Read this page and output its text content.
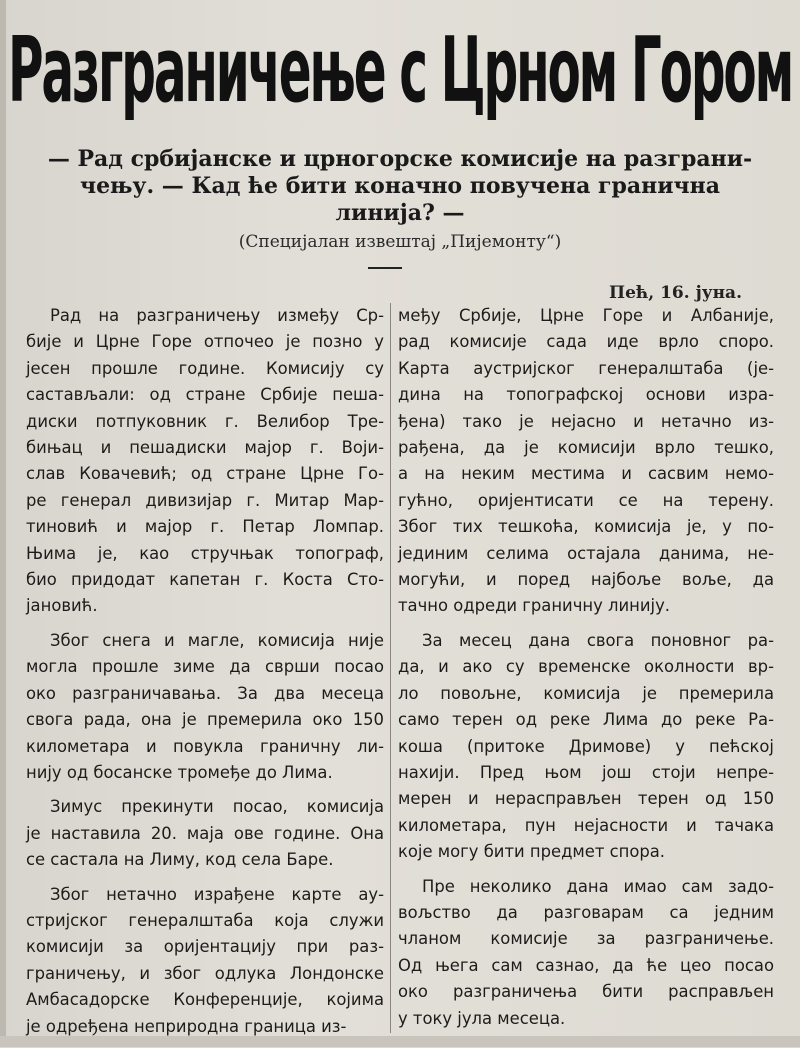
Разграничење с Црном Гором
— Рад србијанске и црногорске комисије на разграни-
чењу. — Кад ће бити коначно повучена гранична
линија? —
(Специјалан извештај „Пијемонту“)
Пећ, 16. јуна.
Рад на разграничењу између Ср-
бије и Црне Горе отпочео је позно у
јесен прошле године. Комисију су
састављали: од стране Србије пеша-
диски потпуковник г. Велибор Тре-
бињац и пешадиски мајор г. Воји-
слав Ковачевић; од стране Црне Го-
ре генерал дивизијар г. Митар Мар-
тиновић и мајор г. Петар Ломпар.
Њима је, као стручњак топограф,
био придодат капетан г. Коста Сто-
јановић.
Због снега и магле, комисија није
могла прошле зиме да сврши посао
око разграничавања. За два месеца
свога рада, она је премерила око 150
километара и повукла граничну ли-
нију од босанске тромеђе до Лима.
Зимус прекинути посао, комисија
је наставила 20. маја ове године. Она
се састала на Лиму, код села Баре.
Због нетачно израђене карте ау-
стријског генералштаба која служи
комисији за оријентацију при раз-
граничењу, и због одлука Лондонске
Амбасадорске Конференције, којима
је одређена неприродна граница из-
међу Србије, Црне Горе и Албаније,
рад комисије сада иде врло споро.
Карта аустријског генералштаба (је-
дина на топографској основи изра-
ђена) тако је нејасно и нетачно из-
рађена, да је комисији врло тешко,
а на неким местима и сасвим немо-
гућно, оријентисати се на терену.
Због тих тешкоћа, комисија је, у по-
јединим селима остајала данима, не-
могући, и поред најбоље воље, да
тачно одреди граничну линију.
За месец дана свога поновног ра-
да, и ако су временске околности вр-
ло повољне, комисија је премерила
само терен од реке Лима до реке Ра-
коша (притоке Дримове) у пећској
нахији. Пред њом још стоји непре-
мерен и нерасправљен терен од 150
километара, пун нејасности и тачака
које могу бити предмет спора.
Пре неколико дана имао сам задо-
вољство да разговарам са једним
чланом комисије за разграничење.
Од њега сам сазнао, да ће цео посао
око разграничења бити расправљен
у току јула месеца.
